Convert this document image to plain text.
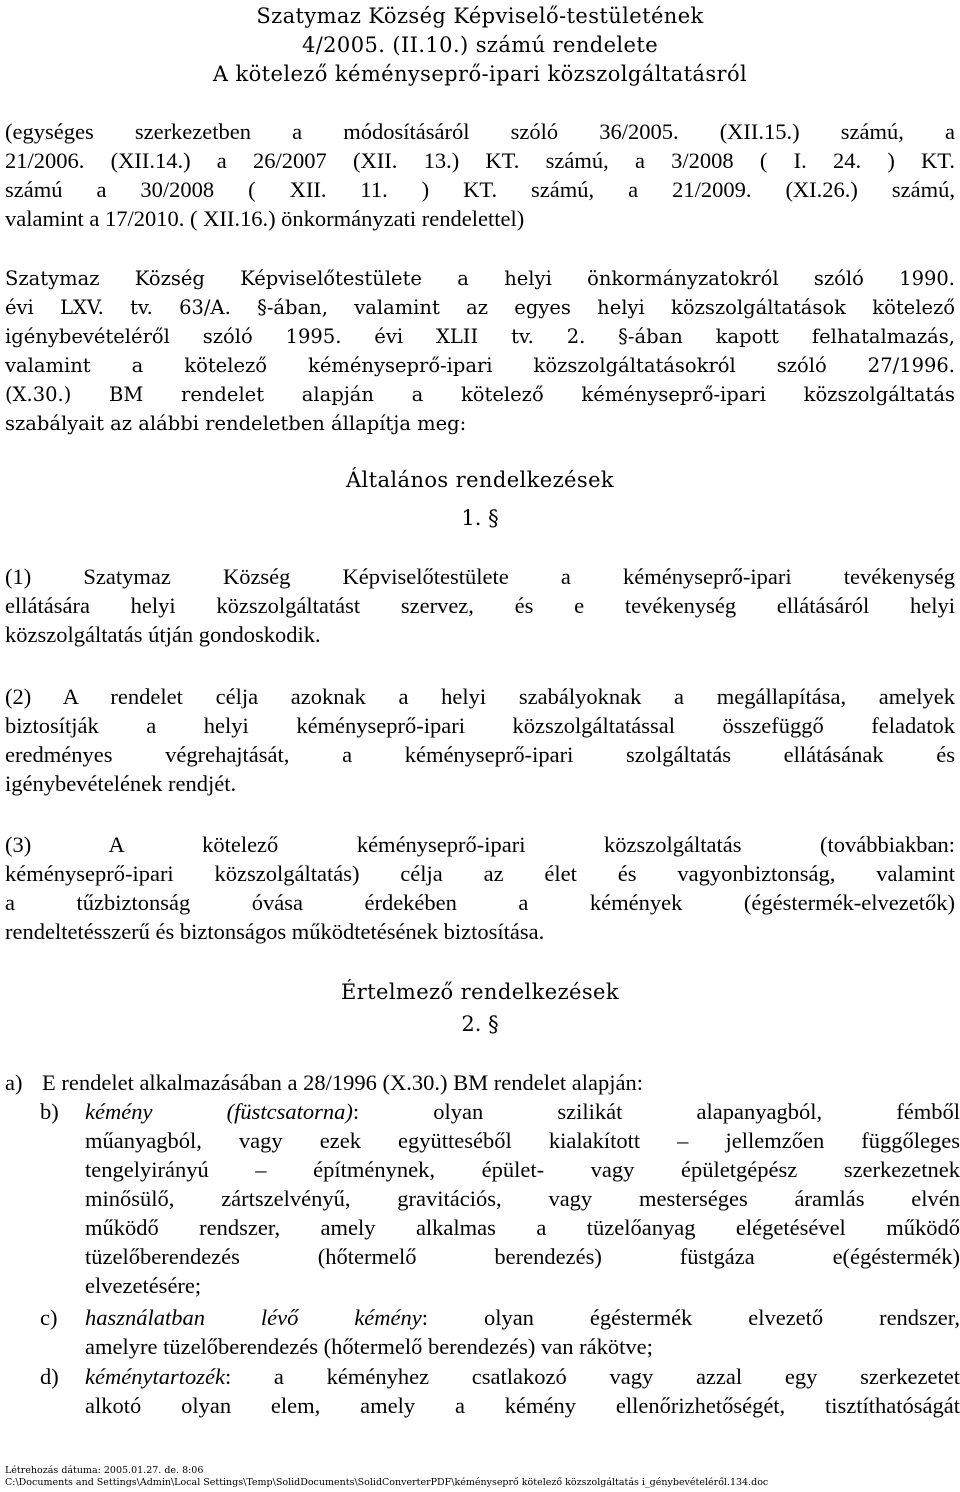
Szatymaz Község Képviselő-testületének
4/2005. (II.10.) számú rendelete
A kötelező kéményseprő-ipari közszolgáltatásról
(egységes szerkezetben a módosításáról szóló 36/2005. (XII.15.) számú, a
21/2006. (XII.14.) a 26/2007 (XII. 13.) KT. számú, a 3/2008 ( I. 24. ) KT.
számú a 30/2008 ( XII. 11. ) KT. számú, a 21/2009. (XI.26.) számú,
valamint a 17/2010. ( XII.16.) önkormányzati rendelettel)
Szatymaz Község Képviselőtestülete a helyi önkormányzatokról szóló 1990.
évi LXV. tv. 63/A. §-ában, valamint az egyes helyi közszolgáltatások kötelező
igénybevételéről szóló 1995. évi XLII tv. 2. §-ában kapott felhatalmazás,
valamint a kötelező kéményseprő-ipari közszolgáltatásokról szóló 27/1996.
(X.30.) BM rendelet alapján a kötelező kéményseprő-ipari közszolgáltatás
szabályait az alábbi rendeletben állapítja meg:
Általános rendelkezések
1. §
(1) Szatymaz Község Képviselőtestülete a kéményseprő-ipari tevékenység
ellátására helyi közszolgáltatást szervez, és e tevékenység ellátásáról helyi
közszolgáltatás útján gondoskodik.
(2) A rendelet célja azoknak a helyi szabályoknak a megállapítása, amelyek
biztosítják a helyi kéményseprő-ipari közszolgáltatással összefüggő feladatok
eredményes végrehajtását, a kéményseprő-ipari szolgáltatás ellátásának és
igénybevételének rendjét.
(3) A kötelező kéményseprő-ipari közszolgáltatás (továbbiakban:
kéményseprő-ipari közszolgáltatás) célja az élet és vagyonbiztonság, valamint
a tűzbiztonság óvása érdekében a kémények (égéstermék-elvezetők)
rendeltetésszerű és biztonságos működtetésének biztosítása.
Értelmező rendelkezések
2. §
a) E rendelet alkalmazásában a 28/1996 (X.30.) BM rendelet alapján:
b) kémény (füstcsatorna): olyan szilikát alapanyagból, fémből
műanyagból, vagy ezek együtteséből kialakított – jellemzően függőleges
tengelyirányú – építménynek, épület- vagy épületgépész szerkezetnek
minősülő, zártszelvényű, gravitációs, vagy mesterséges áramlás elvén
működő rendszer, amely alkalmas a tüzelőanyag elégetésével működő
tüzelőberendezés (hőtermelő berendezés) füstgáza e(égéstermék)
elvezetésére;
c) használatban lévő kémény: olyan égéstermék elvezető rendszer,
amelyre tüzelőberendezés (hőtermelő berendezés) van rákötve;
d) kéménytartozék: a kéményhez csatlakozó vagy azzal egy szerkezetet
alkotó olyan elem, amely a kémény ellenőrizhetőségét, tisztíthatóságát
Létrehozás dátuma: 2005.01.27. de. 8:06
C:\Documents and Settings\Admin\Local Settings\Temp\SolidDocuments\SolidConverterPDF\kéményseprő kötelező közszolgáltatás i_génybevételéről.134.doc
